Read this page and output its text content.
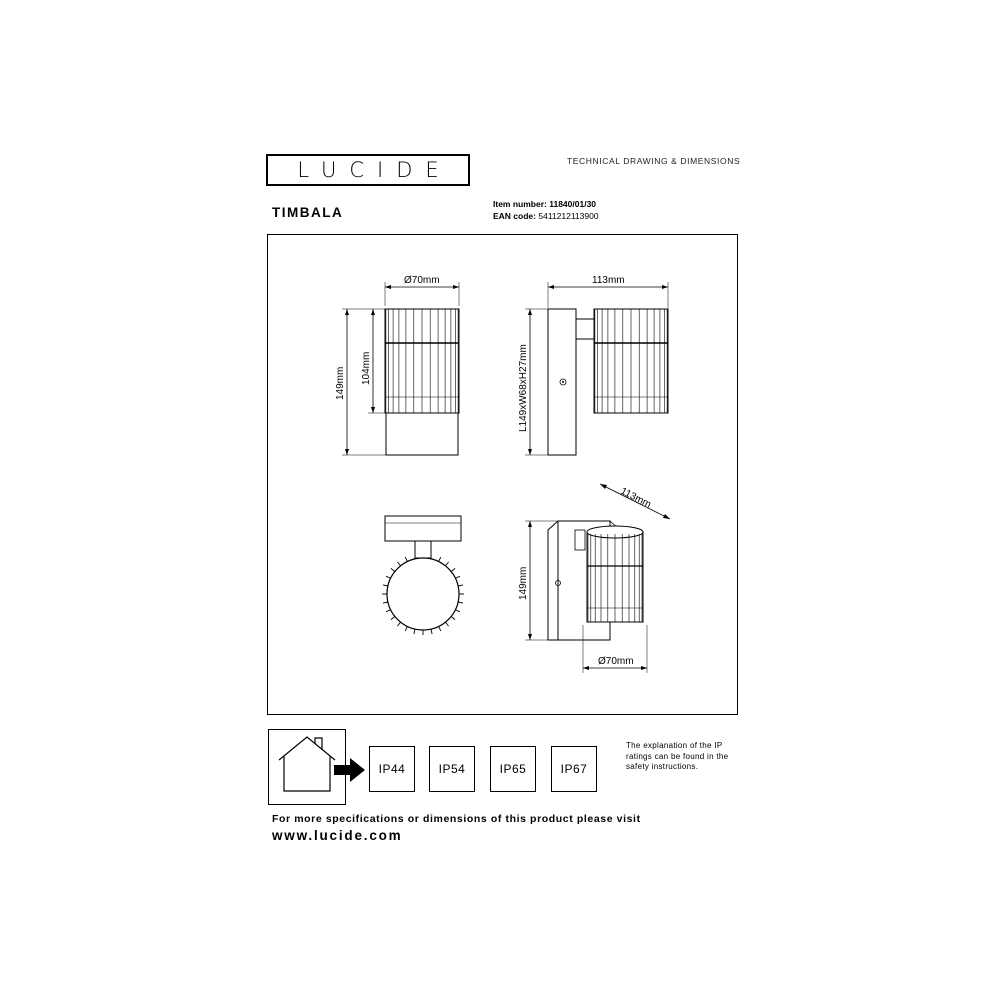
LUCIDE	TECHNICAL DRAWING & DIMENSIONS
TIMBALA
Item number: 11840/01/30
EAN code: 5411212113900
Ø70mm
149mm 104mm
113mm
L149xW68xH27mm
113mm
149mm
Ø70mm
IP44	IP54	IP65	IP67
The explanation of the IP ratings can be found in the safety instructions.
For more specifications or dimensions of this product please visit
www.lucide.com
